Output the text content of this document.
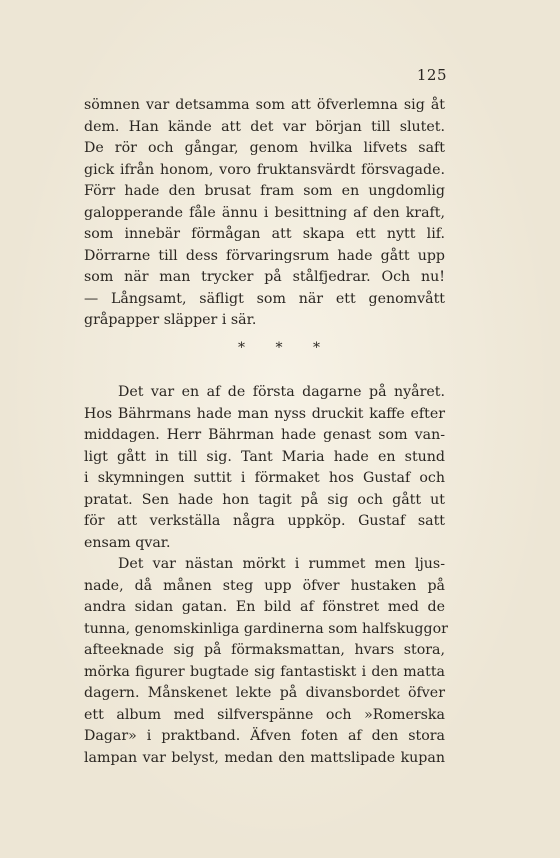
125
sömnen var detsamma som att öfverlemna sig åt
dem. Han kände att det var början till slutet.
De rör och gångar, genom hvilka lifvets saft
gick ifrån honom, voro fruktansvärdt försvagade.
Förr hade den brusat fram som en ungdomlig
galopperande fåle ännu i besittning af den kraft,
som innebär förmågan att skapa ett nytt lif.
Dörrarne till dess förvaringsrum hade gått upp
som när man trycker på stålfjedrar. Och nu!
— Långsamt, säfligt som när ett genomvått
gråpapper släpper i sär.
* * *
Det var en af de första dagarne på nyåret.
Hos Bährmans hade man nyss druckit kaffe efter
middagen. Herr Bährman hade genast som van-
ligt gått in till sig. Tant Maria hade en stund
i skymningen suttit i förmaket hos Gustaf och
pratat. Sen hade hon tagit på sig och gått ut
för att verkställa några uppköp. Gustaf satt
ensam qvar.
Det var nästan mörkt i rummet men ljus-
nade, då månen steg upp öfver hustaken på
andra sidan gatan. En bild af fönstret med de
tunna, genomskinliga gardinerna som halfskuggor
afteeknade sig på förmaksmattan, hvars stora,
mörka figurer bugtade sig fantastiskt i den matta
dagern. Månskenet lekte på divansbordet öfver
ett album med silfverspänne och »Romerska
Dagar» i praktband. Äfven foten af den stora
lampan var belyst, medan den mattslipade kupan
